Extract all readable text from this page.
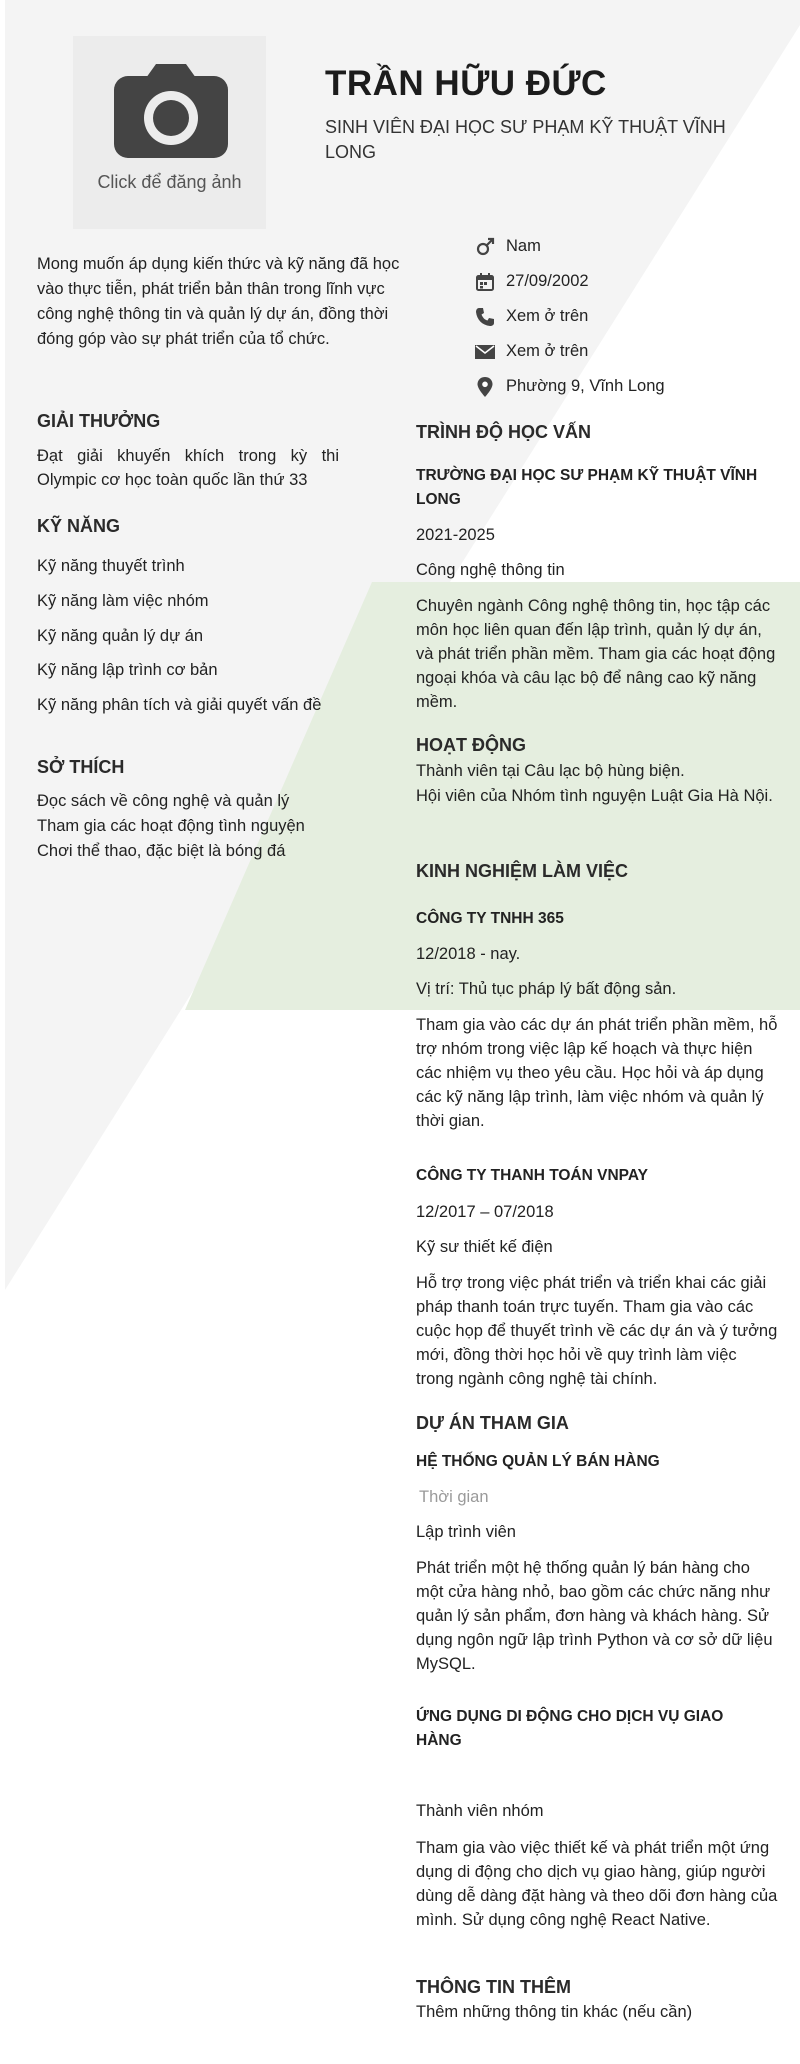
Click để đăng ảnh
TRẦN HỮU ĐỨC
SINH VIÊN ĐẠI HỌC SƯ PHẠM KỸ THUẬT VĨNH LONG
Mong muốn áp dụng kiến thức và kỹ năng đã học vào thực tiễn, phát triển bản thân trong lĩnh vực công nghệ thông tin và quản lý dự án, đồng thời đóng góp vào sự phát triển của tổ chức.
Nam
27/09/2002
Xem ở trên
Xem ở trên
Phường 9, Vĩnh Long
GIẢI THƯỞNG
Đạt giải khuyến khích trong kỳ thi Olympic cơ học toàn quốc lần thứ 33
KỸ NĂNG
Kỹ năng thuyết trình
Kỹ năng làm việc nhóm
Kỹ năng quản lý dự án
Kỹ năng lập trình cơ bản
Kỹ năng phân tích và giải quyết vấn đề
SỞ THÍCH
Đọc sách về công nghệ và quản lý
Tham gia các hoạt động tình nguyện
Chơi thể thao, đặc biệt là bóng đá
TRÌNH ĐỘ HỌC VẤN
TRƯỜNG ĐẠI HỌC SƯ PHẠM KỸ THUẬT VĨNH LONG
2021-2025
Công nghệ thông tin
Chuyên ngành Công nghệ thông tin, học tập các môn học liên quan đến lập trình, quản lý dự án, và phát triển phần mềm. Tham gia các hoạt động ngoại khóa và câu lạc bộ để nâng cao kỹ năng mềm.
HOẠT ĐỘNG
Thành viên tại Câu lạc bộ hùng biện.
Hội viên của Nhóm tình nguyện Luật Gia Hà Nội.
KINH NGHIỆM LÀM VIỆC
CÔNG TY TNHH 365
12/2018 - nay.
Vị trí: Thủ tục pháp lý bất động sản.
Tham gia vào các dự án phát triển phần mềm, hỗ trợ nhóm trong việc lập kế hoạch và thực hiện các nhiệm vụ theo yêu cầu. Học hỏi và áp dụng các kỹ năng lập trình, làm việc nhóm và quản lý thời gian.
CÔNG TY THANH TOÁN VNPAY
12/2017 – 07/2018
Kỹ sư thiết kế điện
Hỗ trợ trong việc phát triển và triển khai các giải pháp thanh toán trực tuyến. Tham gia vào các cuộc họp để thuyết trình về các dự án và ý tưởng mới, đồng thời học hỏi về quy trình làm việc trong ngành công nghệ tài chính.
DỰ ÁN THAM GIA
HỆ THỐNG QUẢN LÝ BÁN HÀNG
Thời gian
Lập trình viên
Phát triển một hệ thống quản lý bán hàng cho một cửa hàng nhỏ, bao gồm các chức năng như quản lý sản phẩm, đơn hàng và khách hàng. Sử dụng ngôn ngữ lập trình Python và cơ sở dữ liệu MySQL.
ỨNG DỤNG DI ĐỘNG CHO DỊCH VỤ GIAO HÀNG
Thành viên nhóm
Tham gia vào việc thiết kế và phát triển một ứng dụng di động cho dịch vụ giao hàng, giúp người dùng dễ dàng đặt hàng và theo dõi đơn hàng của mình. Sử dụng công nghệ React Native.
THÔNG TIN THÊM
Thêm những thông tin khác (nếu cần)
